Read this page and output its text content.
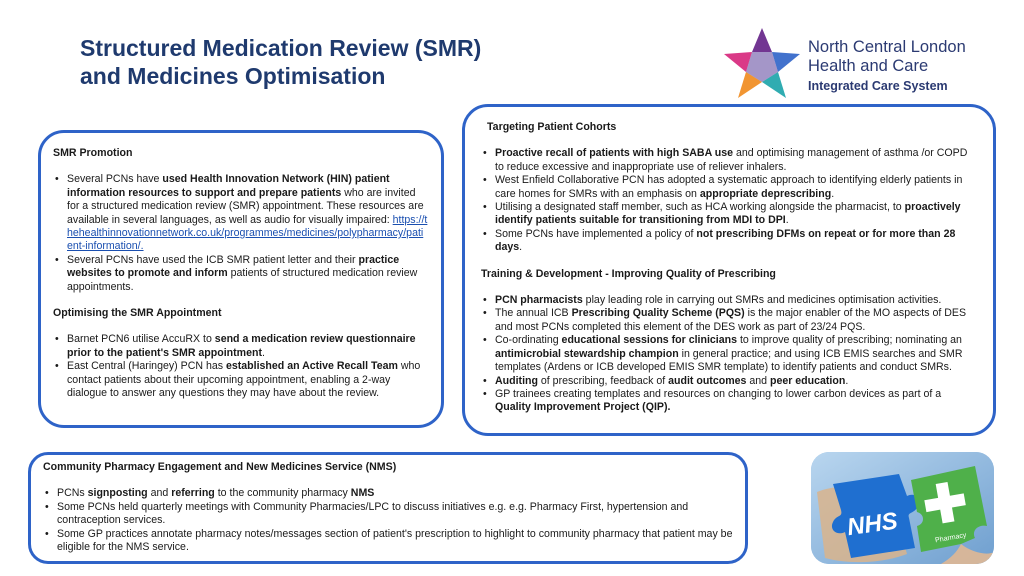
Structured Medication Review (SMR)
and Medicines Optimisation
North Central London
Health and Care
Integrated Care System
SMR Promotion
• Several PCNs have used Health Innovation Network (HIN) patient information resources to support and prepare patients who are invited for a structured medication review (SMR) appointment. These resources are available in several languages, as well as audio for visually impaired: https://thehealthinnovationnetwork.co.uk/programmes/medicines/polypharmacy/patient-information/.
• Several PCNs have used the ICB SMR patient letter and their practice websites to promote and inform patients of structured medication review appointments.
Optimising the SMR Appointment
• Barnet PCN6 utilise AccuRX to send a medication review questionnaire prior to the patient's SMR appointment.
• East Central (Haringey) PCN has established an Active Recall Team who contact patients about their upcoming appointment, enabling a 2-way dialogue to answer any questions they may have about the review.
Targeting Patient Cohorts
• Proactive recall of patients with high SABA use and optimising management of asthma /or COPD to reduce excessive and inappropriate use of reliever inhalers.
• West Enfield Collaborative PCN has adopted a systematic approach to identifying elderly patients in care homes for SMRs with an emphasis on appropriate deprescribing.
• Utilising a designated staff member, such as HCA working alongside the pharmacist, to proactively identify patients suitable for transitioning from MDI to DPI.
• Some PCNs have implemented a policy of not prescribing DFMs on repeat or for more than 28 days.
Training & Development - Improving Quality of Prescribing
• PCN pharmacists play leading role in carrying out SMRs and medicines optimisation activities.
• The annual ICB Prescribing Quality Scheme (PQS) is the major enabler of the MO aspects of DES and most PCNs completed this element of the DES work as part of 23/24 PQS.
• Co-ordinating educational sessions for clinicians to improve quality of prescribing; nominating an antimicrobial stewardship champion in general practice; and using ICB EMIS searches and SMR templates (Ardens or ICB developed EMIS SMR template) to identify patients and conduct SMRs.
• Auditing of prescribing, feedback of audit outcomes and peer education.
• GP trainees creating templates and resources on changing to lower carbon devices as part of a Quality Improvement Project (QIP).
Community Pharmacy Engagement and New Medicines Service (NMS)
• PCNs signposting and referring to the community pharmacy NMS
• Some PCNs held quarterly meetings with Community Pharmacies/LPC to discuss initiatives e.g. e.g. Pharmacy First, hypertension and contraception services.
• Some GP practices annotate pharmacy notes/messages section of patient's prescription to highlight to community pharmacy that patient may be eligible for the NMS service.
NHS	Pharmacy
